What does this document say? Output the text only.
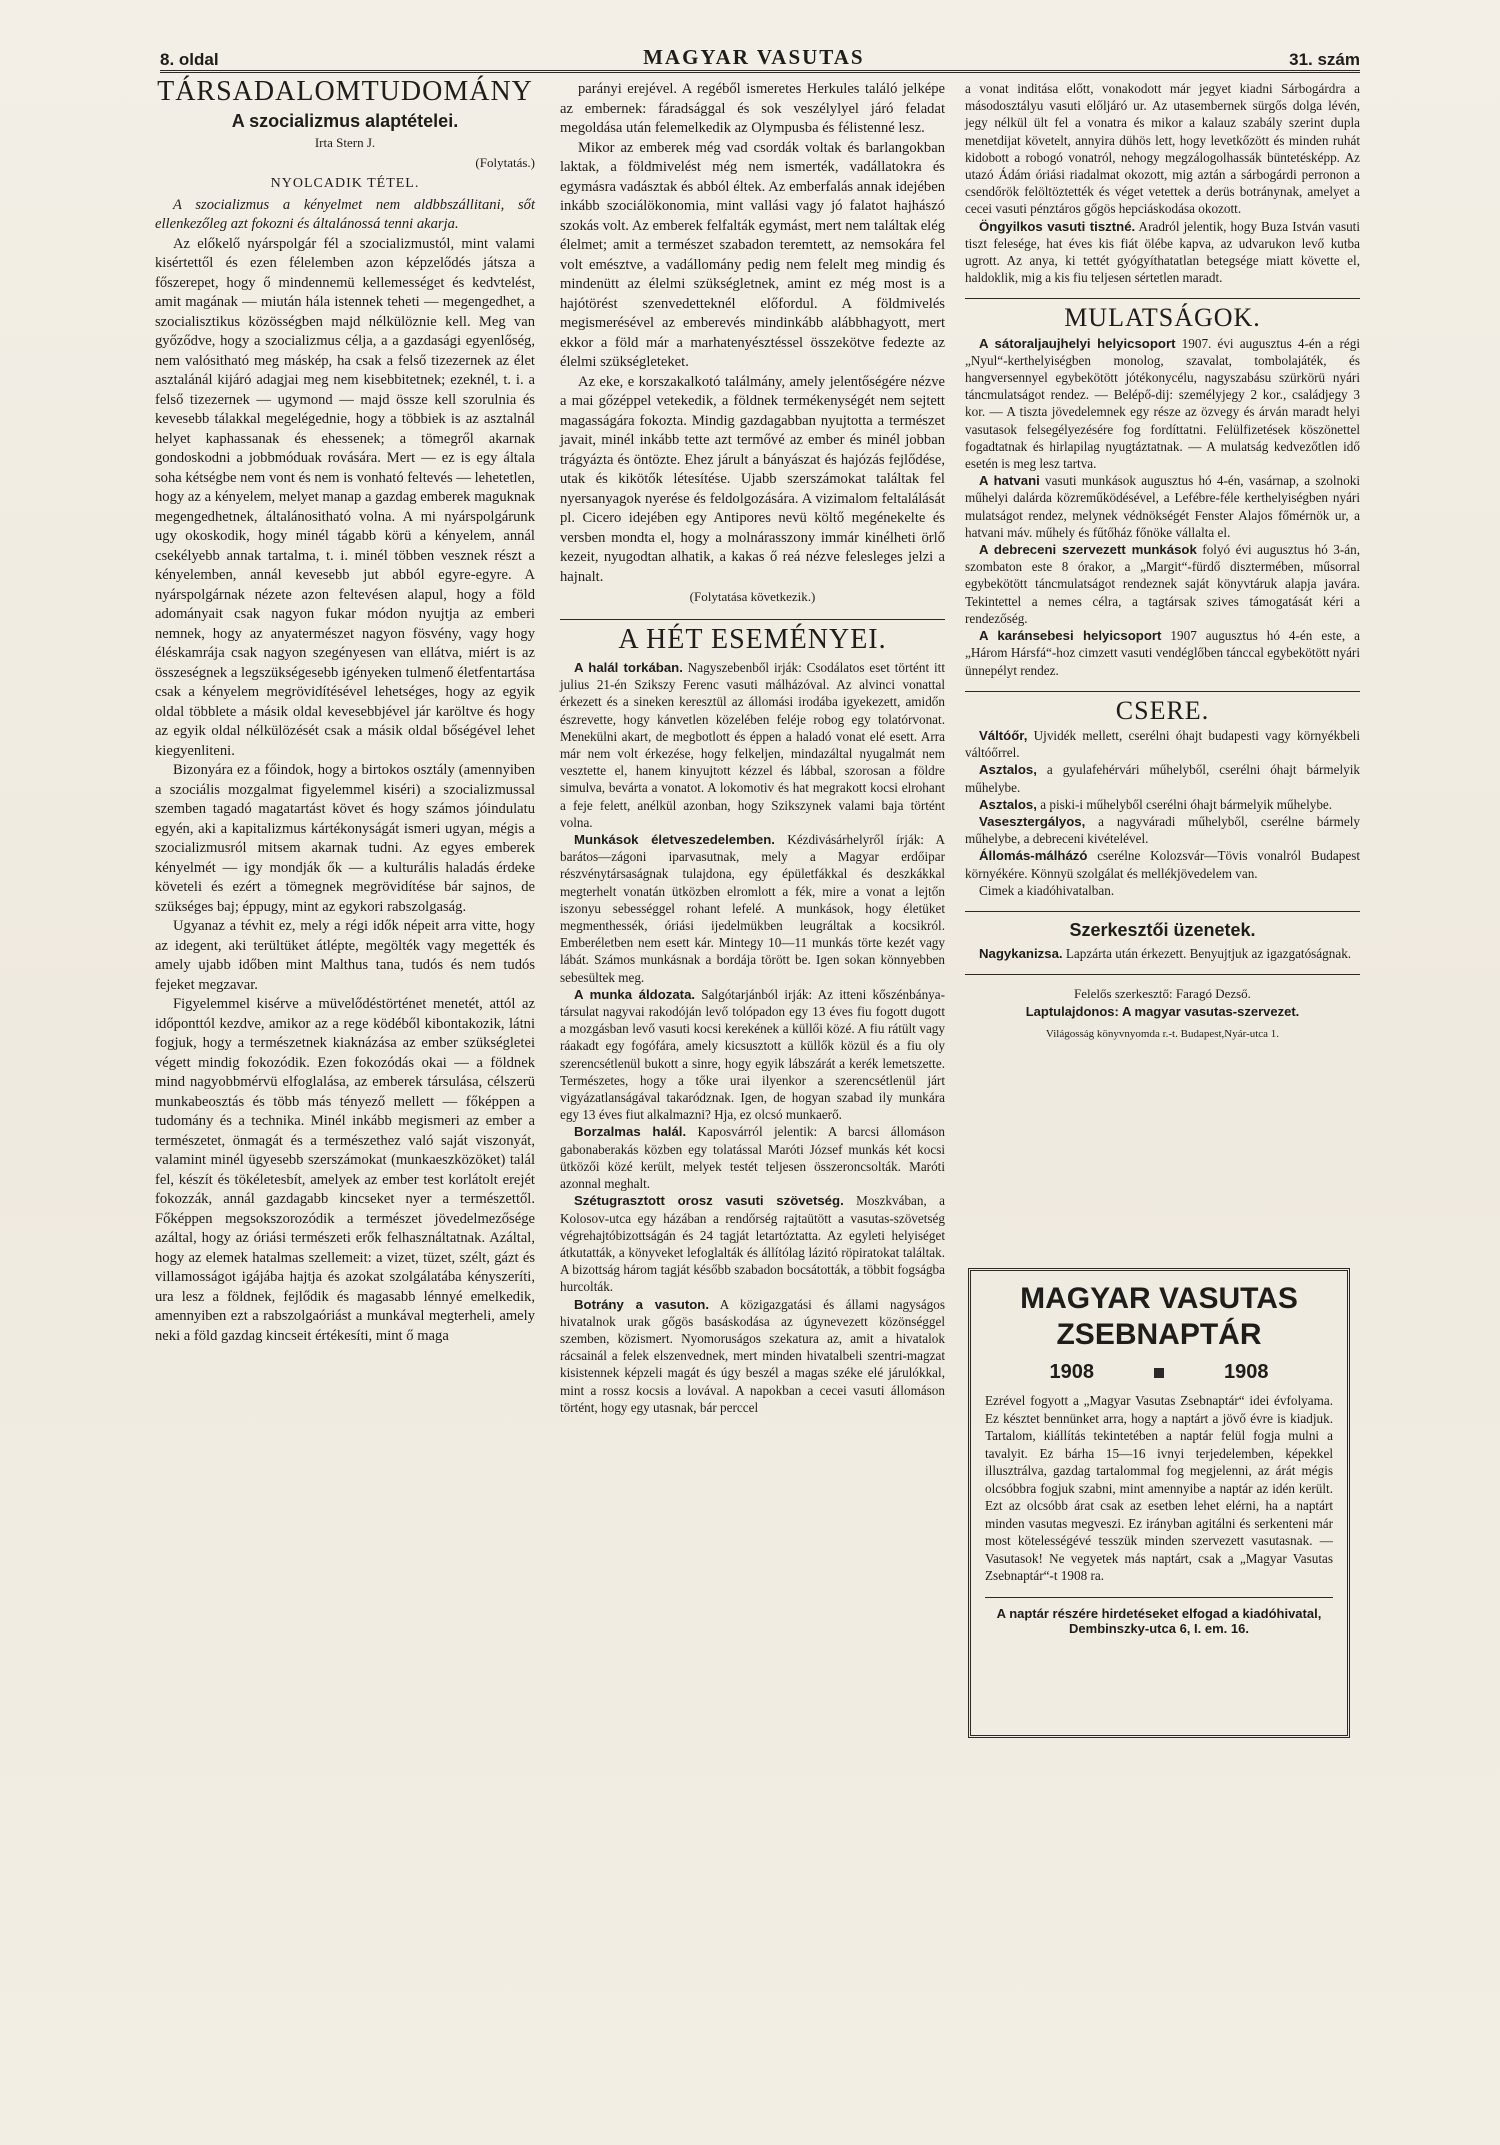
8. oldal	MAGYAR VASUTAS	31. szám
TÁRSADALOMTUDOMÁNY
A szocializmus alaptételei.
Irta Stern J.
(Folytatás.)
NYOLCADIK TÉTEL.

A szocializmus a kényelmet nem aldbbszállitani, sőt ellenkezőleg azt fokozni és általánossá tenni akarja.

Az előkelő nyárspolgár fél a szocializmustól, mint valami kisértettől és ezen félelemben azon képzelődés játsza a főszerepet, hogy ő mindennemü kellemességet és kedvtelést, amit magának — miután hála istennek teheti — megengedhet, a szocialisztikus közösségben majd nélkülöznie kell. Meg van győződve, hogy a szocializmus célja, a a gazdasági egyenlőség, nem valósitható meg máskép, ha csak a felső tizezernek az élet asztalánál kijáró adagjai meg nem kisebbitetnek; ezeknél, t. i. a felső tizezernek — ugymond — majd össze kell szorulnia és kevesebb tálakkal megelégednie, hogy a többiek is az asztalnál helyet kaphassanak és ehessenek; a tömegről akarnak gondoskodni a jobbmóduak rovására. Mert — ez is egy általa soha kétségbe nem vont és nem is vonható feltevés — lehetetlen, hogy az a kényelem, melyet manap a gazdag emberek maguknak megengedhetnek, általánositható volna. A mi nyárspolgárunk ugy okoskodik, hogy minél tágabb körü a kényelem, annál csekélyebb annak tartalma, t. i. minél többen vesznek részt a kényelemben, annál kevesebb jut abból egyre-egyre. A nyárspolgárnak nézete azon feltevésen alapul, hogy a föld adományait csak nagyon fukar módon nyujtja az emberi nemnek, hogy az anyatermészet nagyon fösvény, vagy hogy éléskamrája csak nagyon szegényesen van ellátva, miért is az összeségnek a legszükségesebb igényeken tulmenő életfentartása csak a kényelem megrövidítésével lehetséges, hogy az egyik oldal többlete a másik oldal kevesebbjével jár karöltve és hogy az egyik oldal nélkülözését csak a másik oldal bőségével lehet kiegyenliteni.

Bizonyára ez a főindok, hogy a birtokos osztály (amennyiben a szociális mozgalmat figyelemmel kiséri) a szocializmussal szemben tagadó magatartást követ és hogy számos jóindulatu egyén, aki a kapitalizmus kártékonyságát ismeri ugyan, mégis a szocializmusról mitsem akarnak tudni. Az egyes emberek kényelmét — igy mondják ők — a kulturális haladás érdeke követeli és ezért a tömegnek megrövidítése bár sajnos, de szükséges baj; éppugy, mint az egykori rabszolgaság.

Ugyanaz a tévhit ez, mely a régi idők népeit arra vitte, hogy az idegent, aki terültüket átlépte, megölték vagy megették és amely ujabb időben mint Malthus tana, tudós és nem tudós fejeket megzavar.

Figyelemmel kisérve a müvelődéstörténet menetét, attól az időponttól kezdve, amikor az a rege ködéből kibontakozik, látni fogjuk, hogy a természetnek kiaknázása az ember szükségletei végett mindig fokozódik. Ezen fokozódás okai — a földnek mind nagyobbmérvü elfoglalása, az emberek társulása, célszerü munkabeosztás és több más tényező mellett — főképpen a tudomány és a technika. Minél inkább megismeri az ember a természetet, önmagát és a természethez való saját viszonyát, valamint minél ügyesebb szerszámokat (munkaeszközöket) talál fel, készít és tökéletesbít, amelyek az ember test korlátolt erejét fokozzák, annál gazdagabb kincseket nyer a természettől. Főképpen megsokszorozódik a természet jövedelmezősége azáltal, hogy az óriási természeti erők felhasználtatnak. Azáltal, hogy az elemek hatalmas szellemeit: a vizet, tüzet, szélt, gázt és villamosságot igájába hajtja és azokat szolgálatába kényszeríti, ura lesz a földnek, fejlődik és magasabb lénnyé emelkedik, amennyiben ezt a rabszolgaóriást a munkával megterheli, amely neki a föld gazdag kincseit értékesíti, mint ő maga

parányi erejével. A regéből ismeretes Herkules találó jelképe az embernek: fáradsággal és sok veszélylyel járó feladat megoldása után felemelkedik az Olympusba és félistenné lesz.

Mikor az emberek még vad csordák voltak és barlangokban laktak, a földmivelést még nem ismerték, vadállatokra és egymásra vadásztak és abból éltek. Az emberfalás annak idejében inkább szociálökonomia, mint vallási vagy jó falatot hajhászó szokás volt. Az emberek felfalták egymást, mert nem találtak elég élelmet; amit a természet szabadon teremtett, az nemsokára fel volt emésztve, a vadállomány pedig nem felelt meg mindig és mindenütt az élelmi szükségletnek, amint ez még most is a hajótörést szenvedetteknél előfordul. A földmivelés megismerésével az emberevés mindinkább alábbhagyott, mert ekkor a föld már a marhatenyésztéssel összekötve fedezte az élelmi szükségleteket.

Az eke, e korszakalkotó találmány, amely jelentőségére nézve a mai gőzéppel vetekedik, a földnek termékenységét nem sejtett magasságára fokozta. Mindig gazdagabban nyujtotta a természet javait, minél inkább tette azt termővé az ember és minél jobban trágyázta és öntözte. Ehez járult a bányászat és hajózás fejlődése, utak és kikötők létesítése. Ujabb szerszámokat találtak fel nyersanyagok nyerése és feldolgozására. A vizimalom feltalálását pl. Cicero idejében egy Antipores nevü költő megénekelte és versben mondta el, hogy a molnárasszony immár kinélheti örlő kezeit, nyugodtan alhatik, a kakas ő reá nézve felesleges jelzi a hajnalt.

(Folytatása következik.)
A HÉT ESEMÉNYEI.

A halál torkában. Nagyszebenből irják: Csodálatos eset történt itt julius 21-én Szikszy Ferenc vasuti málházóval. Az alvinci vonattal érkezett és a sineken keresztül az állomási irodába igyekezett, amidőn észrevette, hogy kánvetlen közelében feléje robog egy tolatórvonat. Menekülni akart, de megbotlott és éppen a haladó vonat elé esett. Arra már nem volt érkezése, hogy felkeljen, mindazáltal nyugalmát nem vesztette el, hanem kinyujtott kézzel és lábbal, szorosan a földre simulva, bevárta a vonatot. A lokomotiv és hat megrakott kocsi elrohant a feje felett, anélkül azonban, hogy Szikszynek valami baja történt volna.

Munkások életveszedelemben. Kézdivásárhelyről írják: A barátos—zágoni iparvasutnak, mely a Magyar erdőipar részvénytársaságnak tulajdona, egy épületfákkal és deszkákkal megterhelt vonatán ütközben elromlott a fék, mire a vonat a lejtőn iszonyu sebességgel rohant lefelé. A munkások, hogy életüket megmenthessék, óriási ijedelmükben leugráltak a kocsikról. Emberéletben nem esett kár. Mintegy 10—11 munkás törte kezét vagy lábát. Számos munkásnak a bordája törött be. Igen sokan könnyebben sebesültek meg.

A munka áldozata. Salgótarjánból irják: Az itteni kőszénbánya-társulat nagyvai rakodóján levő tolópadon egy 13 éves fiu fogott dugott a mozgásban levő vasuti kocsi kerekének a küllői közé. A fiu rátült vagy ráakadt egy fogófára, amely kicsusztott a küllők közül és a fiu oly szerencsétlenül bukott a sinre, hogy egyik lábszárát a kerék lemetszette. Természetes, hogy a tőke urai ilyenkor a szerencsétlenül járt vigyázatlanságával takaródznak. Igen, de hogyan szabad ily munkára egy 13 éves fiut alkalmazni? Hja, ez olcsó munkaerő.

Borzalmas halál. Kaposvárról jelentik: A barcsi állomáson gabonaberakás közben egy tolatással Maróti József munkás két kocsi ütközői közé került, melyek testét teljesen összeroncsolták. Maróti azonnal meghalt.

Szétugrasztott orosz vasuti szövetség. Moszkvában, a Kolosov-utca egy házában a rendőrség rajtaütött a vasutas-szövetség végrehajtóbizottságán és 24 tagját letartóztatta. Az egyleti helyiséget átkutatták, a könyveket lefoglalták és állítólag lázitó röpiratokat találtak. A bizottság három tagját később szabadon bocsátották, a többit fogságba hurcolták.

Botrány a vasuton. A közigazgatási és állami nagyságos hivatalnok urak gőgös basáskodása az úgynevezett közönséggel szemben, közismert. Nyomoruságos szekatura az, amit a hivatalok rácsainál a felek elszenvednek, mert minden hivatalbeli szentri-magzat kisistennek képzeli magát és úgy beszél a magas széke elé járulókkal, mint a rossz kocsis a lovával. A napokban a cecei vasuti állomáson történt, hogy egy utasnak, bár perccel

a vonat inditása előtt, vonakodott már jegyet kiadni Sárbogárdra a másodosztályu vasuti előljáró ur. Az utasembernek sürgős dolga lévén, jegy nélkül ült fel a vonatra és mikor a kalauz szabály szerint dupla menetdijat követelt, annyira dühös lett, hogy levetkőzött és minden ruhát kidobott a robogó vonatról, nehogy megzálogolhassák büntetésképp. Az utazó Ádám óriási riadalmat okozott, mig aztán a sárbogárdi perronon a csendőrök felöltöztették és véget vetettek a derüs botránynak, amelyet a cecei vasuti pénztáros gőgös hepciáskodása okozott.

Öngyilkos vasuti tisztné. Aradról jelentik, hogy Buza István vasuti tiszt felesége, hat éves kis fiát ölébe kapva, az udvarukon levő kutba ugrott. Az anya, ki tettét gyógyíthatatlan betegsége miatt követte el, haldoklik, mig a kis fiu teljesen sértetlen maradt.

MULATSÁGOK.

A sátoraljaujhelyi helyicsoport 1907. évi augusztus 4-én a régi „Nyul“-kerthelyiségben monolog, szavalat, tombolajáték, és hangversennyel egybekötött jótékonycélu, nagyszabásu szürkörü nyári táncmulatságot rendez. — Belépő-dij: személyjegy 2 kor., családjegy 3 kor. — A tiszta jövedelemnek egy része az özvegy és árván maradt helyi vasutasok felsegélyezésére fog fordíttatni. Felülfizetések köszönettel fogadtatnak és hirlapilag nyugtáztatnak. — A mulatság kedvezőtlen idő esetén is meg lesz tartva.

A hatvani vasuti munkások augusztus hó 4-én, vasárnap, a szolnoki műhelyi dalárda közreműködésével, a Lefébre-féle kerthelyiségben nyári mulatságot rendez, melynek védnökségét Fenster Alajos főmérnök ur, a hatvani máv. műhely és fűtőház főnöke vállalta el.

A debreceni szervezett munkások folyó évi augusztus hó 3-án, szombaton este 8 órakor, a „Margit“-fürdő disztermében, műsorral egybekötött táncmulatságot rendeznek saját könyvtáruk alapja javára. Tekintettel a nemes célra, a tagtársak szives támogatását kéri a rendezőség.

A karánsebesi helyicsoport 1907 augusztus hó 4-én este, a „Három Hársfá“-hoz cimzett vasuti vendéglőben tánccal egybekötött nyári ünnepélyt rendez.

CSERE.

Váltóőr, Ujvidék mellett, cserélni óhajt budapesti vagy környékbeli váltóőrrel.

Asztalos, a gyulafehérvári műhelyből, cserélni óhajt bármelyik műhelybe.

Asztalos, a piski-i műhelyből cserélni óhajt bármelyik műhelybe.

Vasesztergályos, a nagyváradi műhelyből, cserélne bármely műhelybe, a debreceni kivételével.

Állomás-málházó cserélne Kolozsvár—Tövis vonalról Budapest környékére. Könnyü szolgálat és mellékjövedelem van.

Cimek a kiadóhivatalban.

Szerkesztői üzenetek.

Nagykanizsa. Lapzárta után érkezett. Benyujtjuk az igazgatóságnak.

Felelős szerkesztő: Faragó Dezső.
Laptulajdonos: A magyar vasutas-szervezet.
Világosság könyvnyomda r.-t. Budapest,Nyár-utca 1.
MAGYAR VASUTAS
ZSEBNAPTÁR
1908	1908
Ezrével fogyott a „Magyar Vasutas Zsebnaptár“ idei évfolyama. Ez késztet bennünket arra, hogy a naptárt a jövő évre is kiadjuk. Tartalom, kiállítás tekintetében a naptár felül fogja mulni a tavalyit. Ez bárha 15—16 ivnyi terjedelemben, képekkel illusztrálva, gazdag tartalommal fog megjelenni, az árát mégis olcsóbbra fogjuk szabni, mint amennyibe a naptár az idén került. Ezt az olcsóbb árat csak az esetben lehet elérni, ha a naptárt minden vasutas megveszi. Ez irányban agitálni és serkenteni már most kötelességévé tesszük minden szervezett vasutasnak. — Vasutasok! Ne vegyetek más naptárt, csak a „Magyar Vasutas Zsebnaptár“-t 1908 ra.
A naptár részére hirdetéseket elfogad a kiadóhivatal, Dembinszky-utca 6, I. em. 16.
